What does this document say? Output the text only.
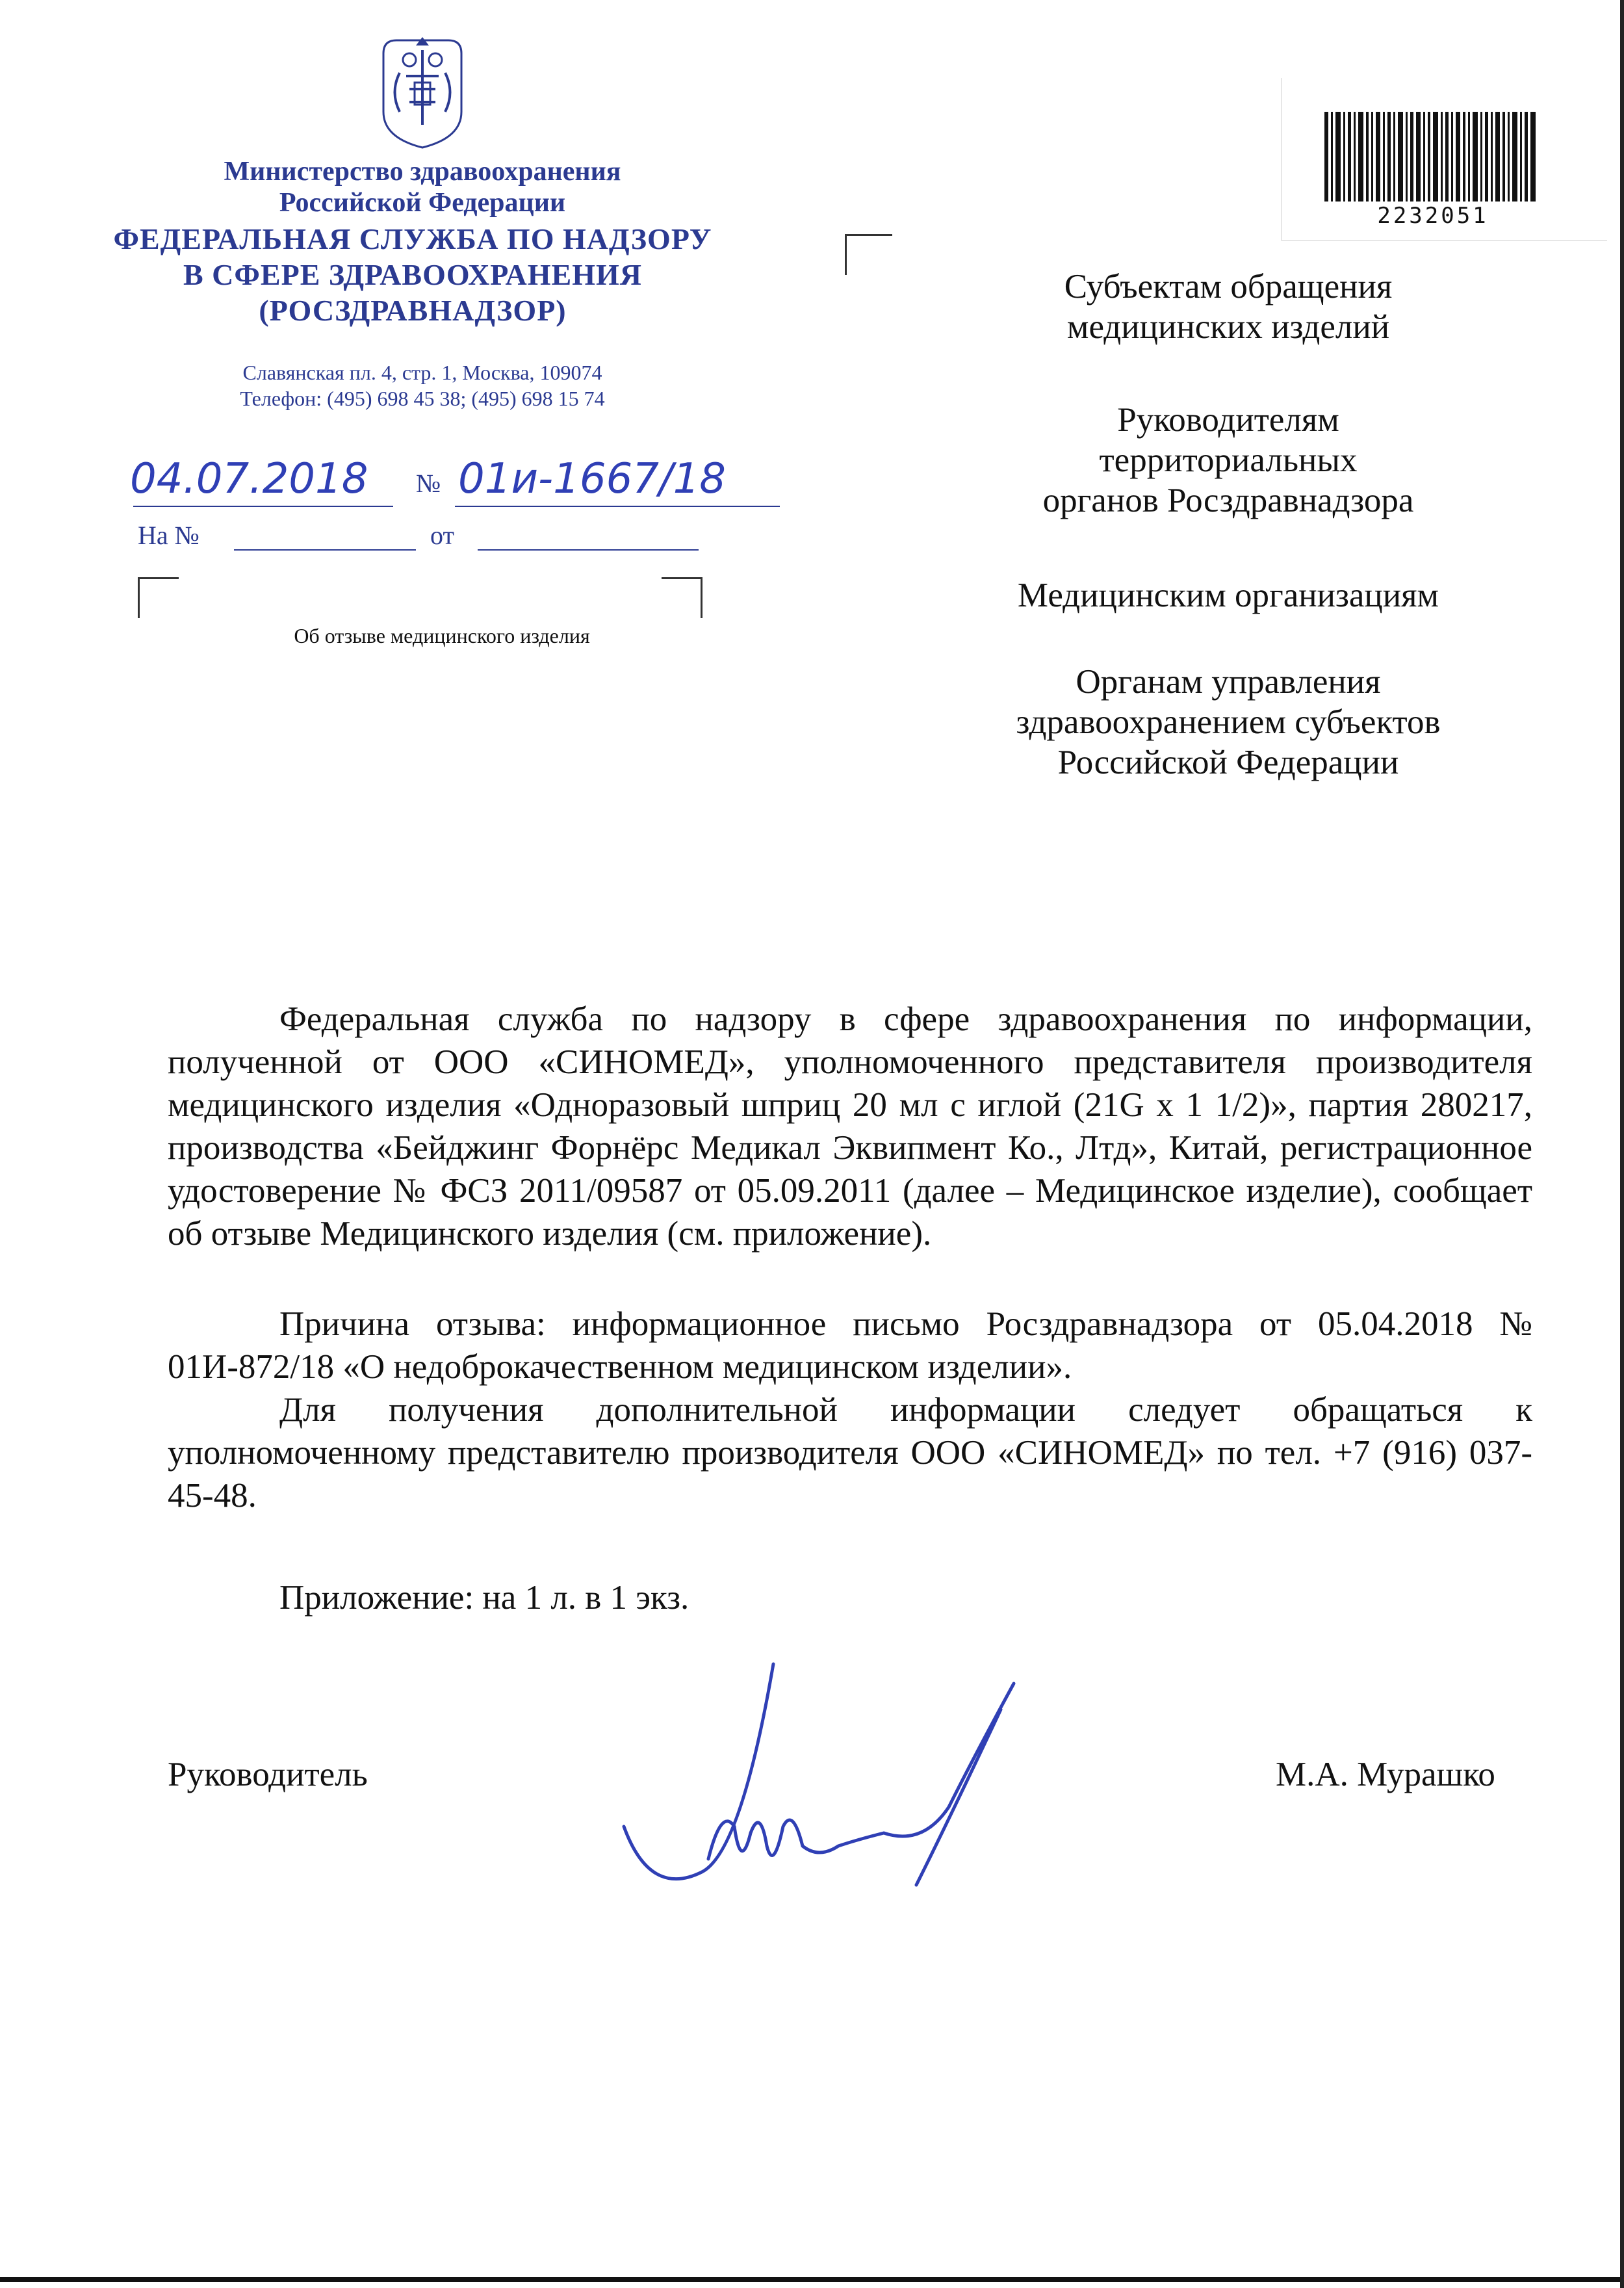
Министерство здравоохранения
Российской Федерации
ФЕДЕРАЛЬНАЯ СЛУЖБА ПО НАДЗОРУ
В СФЕРЕ ЗДРАВООХРАНЕНИЯ
(РОСЗДРАВНАДЗОР)
Славянская пл. 4, стр. 1, Москва, 109074
Телефон: (495) 698 45 38; (495) 698 15 74
04.07.2018 № 01и-1667/18
На №	от
Об отзыве медицинского изделия
2232051
Субъектам обращения
медицинских изделий
Руководителям
территориальных
органов Росздравнадзора
Медицинским организациям
Органам управления
здравоохранением субъектов
Российской Федерации
Федеральная служба по надзору в сфере здравоохранения по информации, полученной от ООО «СИНОМЕД», уполномоченного представителя производителя медицинского изделия «Одноразовый шприц 20 мл с иглой (21G x 1 1/2)», партия 280217, производства «Бейджинг Форнёрс Медикал Эквипмент Ко., Лтд», Китай, регистрационное удостоверение № ФСЗ 2011/09587 от 05.09.2011 (далее – Медицинское изделие), сообщает об отзыве Медицинского изделия (см. приложение).
Причина отзыва: информационное письмо Росздравнадзора от 05.04.2018 № 01И-872/18 «О недоброкачественном медицинском изделии».
Для получения дополнительной информации следует обращаться к уполномоченному представителю производителя ООО «СИНОМЕД» по тел. +7 (916) 037-45-48.
Приложение: на 1 л. в 1 экз.
Руководитель	М.А. Мурашко
